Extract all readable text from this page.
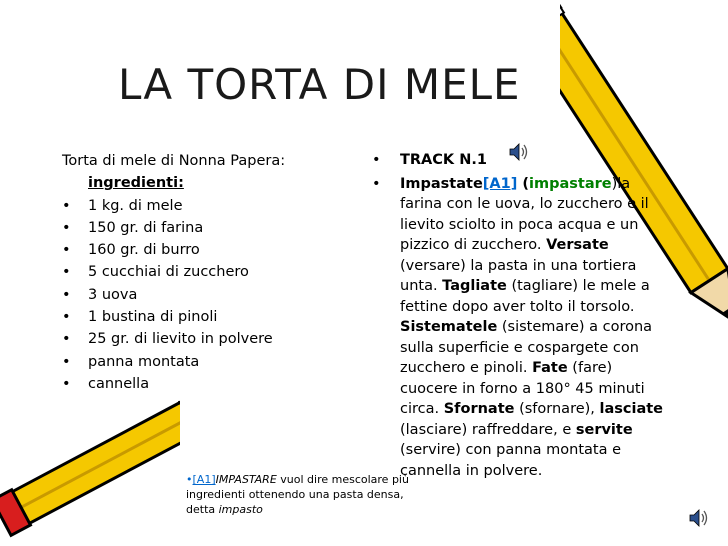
LA TORTA DI MELE

Torta di mele di Nonna Papera:
ingredienti:

• 1 kg. di mele
• 150 gr. di farina
• 160 gr. di burro
• 5 cucchiai di zucchero
• 3 uova
• 1 bustina di pinoli
• 25 gr. di lievito in polvere
• panna montata
• cannella
• TRACK N.1
• Impastate[A1] (impastare)la farina con le uova, lo zucchero e il lievito sciolto in poca acqua e un pizzico di zucchero. Versate (versare) la pasta in una tortiera unta. Tagliate (tagliare) le mele a fettine dopo aver tolto il torsolo. Sistematele (sistemare) a corona sulla superficie e cospargete con zucchero e pinoli. Fate (fare) cuocere in forno a 180° 45 minuti circa. Sfornate (sfornare), lasciate (lasciare) raffreddare, e servite (servire) con panna montata e cannella in polvere.
•[A1]IMPASTARE vuol dire mescolare più ingredienti ottenendo una pasta densa, detta impasto
